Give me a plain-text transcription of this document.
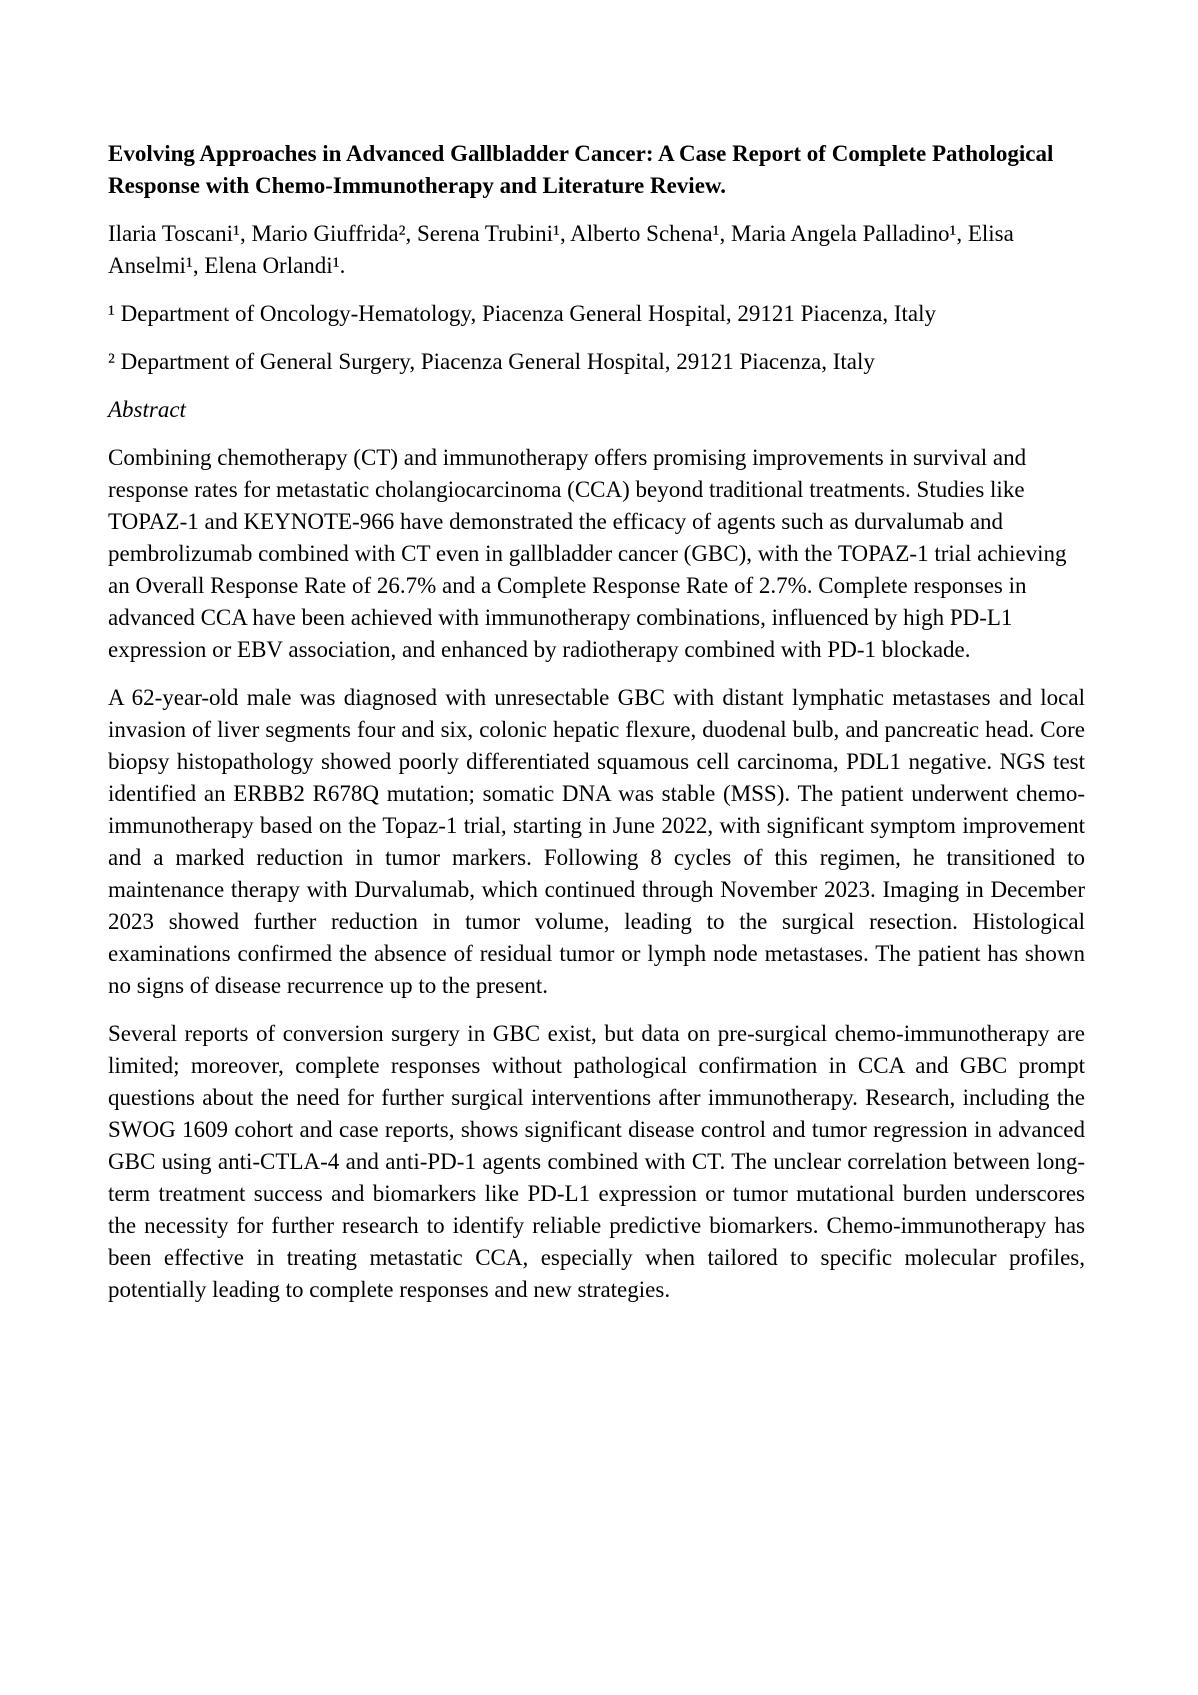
Evolving Approaches in Advanced Gallbladder Cancer: A Case Report of Complete Pathological Response with Chemo-Immunotherapy and Literature Review.

Ilaria Toscani¹, Mario Giuffrida², Serena Trubini¹, Alberto Schena¹, Maria Angela Palladino¹, Elisa Anselmi¹, Elena Orlandi¹.

¹ Department of Oncology-Hematology, Piacenza General Hospital, 29121 Piacenza, Italy

² Department of General Surgery, Piacenza General Hospital, 29121 Piacenza, Italy

Abstract

Combining chemotherapy (CT) and immunotherapy offers promising improvements in survival and response rates for metastatic cholangiocarcinoma (CCA) beyond traditional treatments. Studies like TOPAZ-1 and KEYNOTE-966 have demonstrated the efficacy of agents such as durvalumab and pembrolizumab combined with CT even in gallbladder cancer (GBC), with the TOPAZ-1 trial achieving an Overall Response Rate of 26.7% and a Complete Response Rate of 2.7%. Complete responses in advanced CCA have been achieved with immunotherapy combinations, influenced by high PD-L1 expression or EBV association, and enhanced by radiotherapy combined with PD-1 blockade.

A 62-year-old male was diagnosed with unresectable GBC with distant lymphatic metastases and local invasion of liver segments four and six, colonic hepatic flexure, duodenal bulb, and pancreatic head. Core biopsy histopathology showed poorly differentiated squamous cell carcinoma, PDL1 negative. NGS test identified an ERBB2 R678Q mutation; somatic DNA was stable (MSS). The patient underwent chemo-immunotherapy based on the Topaz-1 trial, starting in June 2022, with significant symptom improvement and a marked reduction in tumor markers. Following 8 cycles of this regimen, he transitioned to maintenance therapy with Durvalumab, which continued through November 2023. Imaging in December 2023 showed further reduction in tumor volume, leading to the surgical resection. Histological examinations confirmed the absence of residual tumor or lymph node metastases. The patient has shown no signs of disease recurrence up to the present.

Several reports of conversion surgery in GBC exist, but data on pre-surgical chemo-immunotherapy are limited; moreover, complete responses without pathological confirmation in CCA and GBC prompt questions about the need for further surgical interventions after immunotherapy. Research, including the SWOG 1609 cohort and case reports, shows significant disease control and tumor regression in advanced GBC using anti-CTLA-4 and anti-PD-1 agents combined with CT. The unclear correlation between long-term treatment success and biomarkers like PD-L1 expression or tumor mutational burden underscores the necessity for further research to identify reliable predictive biomarkers. Chemo-immunotherapy has been effective in treating metastatic CCA, especially when tailored to specific molecular profiles, potentially leading to complete responses and new strategies.
